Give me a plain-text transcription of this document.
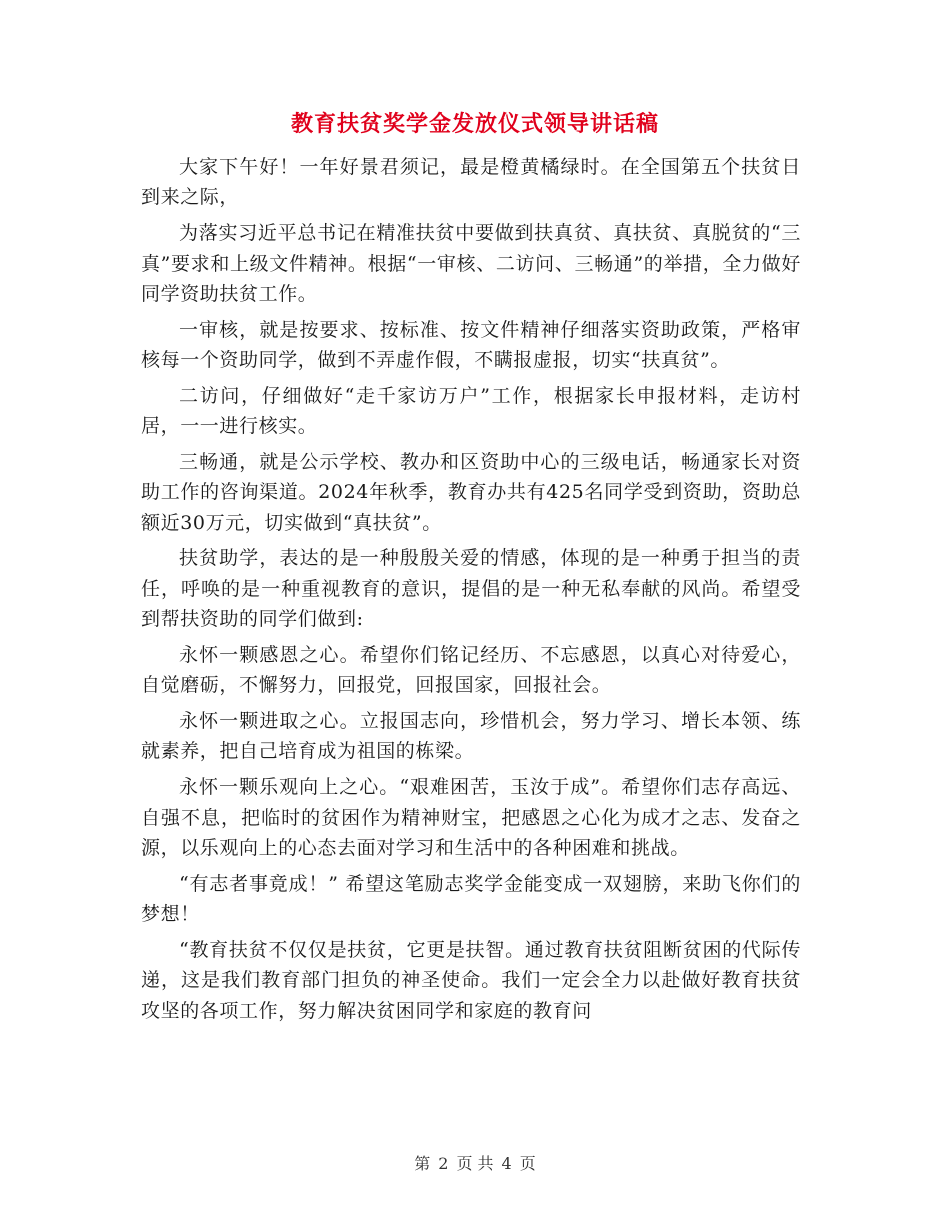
教育扶贫奖学金发放仪式领导讲话稿

大家下午好！一年好景君须记，最是橙黄橘绿时。在全国第五个扶贫日到来之际，

为落实习近平总书记在精准扶贫中要做到扶真贫、真扶贫、真脱贫的“三真”要求和上级文件精神。根据“一审核、二访问、三畅通”的举措，全力做好同学资助扶贫工作。

一审核，就是按要求、按标准、按文件精神仔细落实资助政策，严格审核每一个资助同学，做到不弄虚作假，不瞒报虚报，切实“扶真贫”。

二访问，仔细做好“走千家访万户”工作，根据家长申报材料，走访村居，一一进行核实。

三畅通，就是公示学校、教办和区资助中心的三级电话，畅通家长对资助工作的咨询渠道。2024年秋季，教育办共有425名同学受到资助，资助总额近30万元，切实做到“真扶贫”。

扶贫助学，表达的是一种殷殷关爱的情感，体现的是一种勇于担当的责任，呼唤的是一种重视教育的意识，提倡的是一种无私奉献的风尚。希望受到帮扶资助的同学们做到:

永怀一颗感恩之心。希望你们铭记经历、不忘感恩，以真心对待爱心，自觉磨砺，不懈努力，回报党，回报国家，回报社会。

永怀一颗进取之心。立报国志向，珍惜机会，努力学习、增长本领、练就素养，把自己培育成为祖国的栋梁。

永怀一颗乐观向上之心。“艰难困苦，玉汝于成”。希望你们志存高远、自强不息，把临时的贫困作为精神财宝，把感恩之心化为成才之志、发奋之源，以乐观向上的心态去面对学习和生活中的各种困难和挑战。

“有志者事竟成！” 希望这笔励志奖学金能变成一双翅膀，来助飞你们的梦想！

“教育扶贫不仅仅是扶贫，它更是扶智。通过教育扶贫阻断贫困的代际传递，这是我们教育部门担负的神圣使命。我们一定会全力以赴做好教育扶贫攻坚的各项工作，努力解决贫困同学和家庭的教育问

第 2 页 共 4 页
